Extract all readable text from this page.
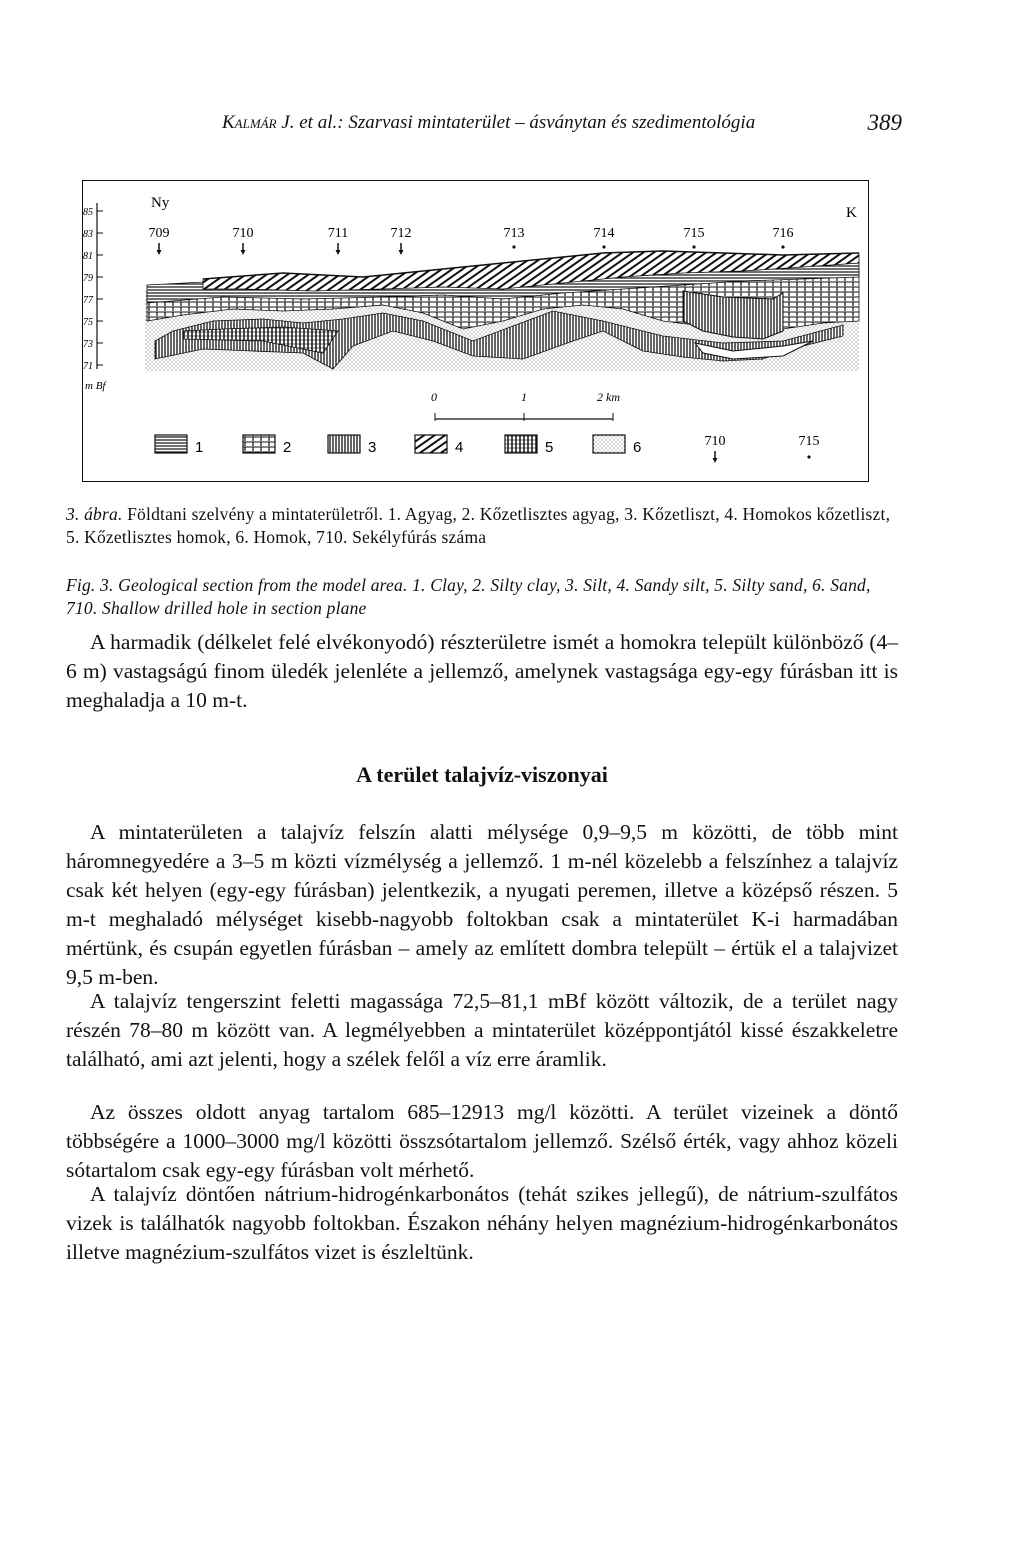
Kalmár J. et al.: Szarvasi mintaterület – ásványtan és szedimentológia	389
85
83
81
79
77
75
73
71
m Bf
Ny
K
709	710	711	712	713	714	715	716
0	1	2 km
1	2	3	4	5	6	710	715
3. ábra. Földtani szelvény a mintaterületről. 1. Agyag, 2. Kőzetlisztes agyag, 3. Kőzetliszt, 4. Homokos kőzetliszt, 5. Kőzetlisztes homok, 6. Homok, 710. Sekélyfúrás száma
Fig. 3. Geological section from the model area. 1. Clay, 2. Silty clay, 3. Silt, 4. Sandy silt, 5. Silty sand, 6. Sand, 710. Shallow drilled hole in section plane
A harmadik (délkelet felé elvékonyodó) részterületre ismét a homokra települt különböző (4–6 m) vastagságú finom üledék jelenléte a jellemző, amelynek vastagsága egy-egy fúrásban itt is meghaladja a 10 m-t.
A terület talajvíz-viszonyai
A mintaterületen a talajvíz felszín alatti mélysége 0,9–9,5 m közötti, de több mint háromnegyedére a 3–5 m közti vízmélység a jellemző. 1 m-nél közelebb a felszínhez a talajvíz csak két helyen (egy-egy fúrásban) jelentkezik, a nyugati peremen, illetve a középső részen. 5 m-t meghaladó mélységet kisebb-nagyobb foltokban csak a mintaterület K-i harmadában mértünk, és csupán egyetlen fúrásban – amely az említett dombra települt – értük el a talajvizet 9,5 m-ben.
A talajvíz tengerszint feletti magassága 72,5–81,1 mBf között változik, de a terület nagy részén 78–80 m között van. A legmélyebben a mintaterület középpontjától kissé északkeletre található, ami azt jelenti, hogy a szélek felől a víz erre áramlik.
Az összes oldott anyag tartalom 685–12913 mg/l közötti. A terület vizeinek a döntő többségére a 1000–3000 mg/l közötti összsótartalom jellemző. Szélső érték, vagy ahhoz közeli sótartalom csak egy-egy fúrásban volt mérhető.
A talajvíz döntően nátrium-hidrogénkarbonátos (tehát szikes jellegű), de nátrium-szulfátos vizek is találhatók nagyobb foltokban. Északon néhány helyen magnézium-hidrogénkarbonátos illetve magnézium-szulfátos vizet is észleltünk.
